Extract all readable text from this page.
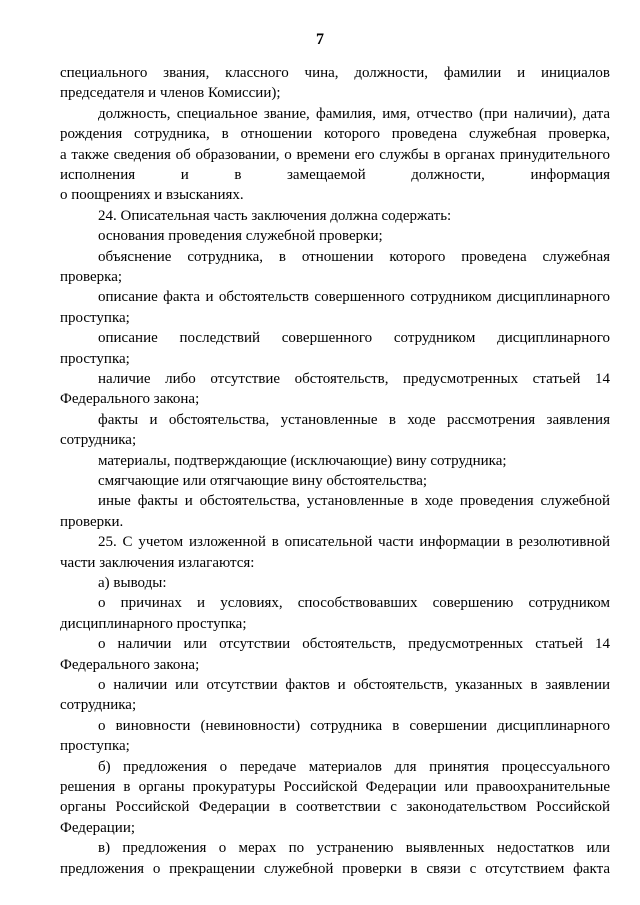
7
специального звания, классного чина, должности, фамилии и инициалов
председателя и членов Комиссии);
должность, специальное звание, фамилия, имя, отчество (при наличии), дата
рождения сотрудника, в отношении которого проведена служебная проверка,
а также сведения об образовании, о времени его службы в органах принудительного
исполнения и в замещаемой должности, информация
о поощрениях и взысканиях.
24. Описательная часть заключения должна содержать:
основания проведения служебной проверки;
объяснение сотрудника, в отношении которого проведена служебная
проверка;
описание факта и обстоятельств совершенного сотрудником дисциплинарного
проступка;
описание последствий совершенного сотрудником дисциплинарного
проступка;
наличие либо отсутствие обстоятельств, предусмотренных статьей 14
Федерального закона;
факты и обстоятельства, установленные в ходе рассмотрения заявления
сотрудника;
материалы, подтверждающие (исключающие) вину сотрудника;
смягчающие или отягчающие вину обстоятельства;
иные факты и обстоятельства, установленные в ходе проведения служебной
проверки.
25. С учетом изложенной в описательной части информации в резолютивной
части заключения излагаются:
а) выводы:
о причинах и условиях, способствовавших совершению сотрудником
дисциплинарного проступка;
о наличии или отсутствии обстоятельств, предусмотренных статьей 14
Федерального закона;
о наличии или отсутствии фактов и обстоятельств, указанных в заявлении
сотрудника;
о виновности (невиновности) сотрудника в совершении дисциплинарного
проступка;
б) предложения о передаче материалов для принятия процессуального
решения в органы прокуратуры Российской Федерации или правоохранительные
органы Российской Федерации в соответствии с законодательством Российской
Федерации;
в) предложения о мерах по устранению выявленных недостатков или
предложения о прекращении служебной проверки в связи с отсутствием факта
